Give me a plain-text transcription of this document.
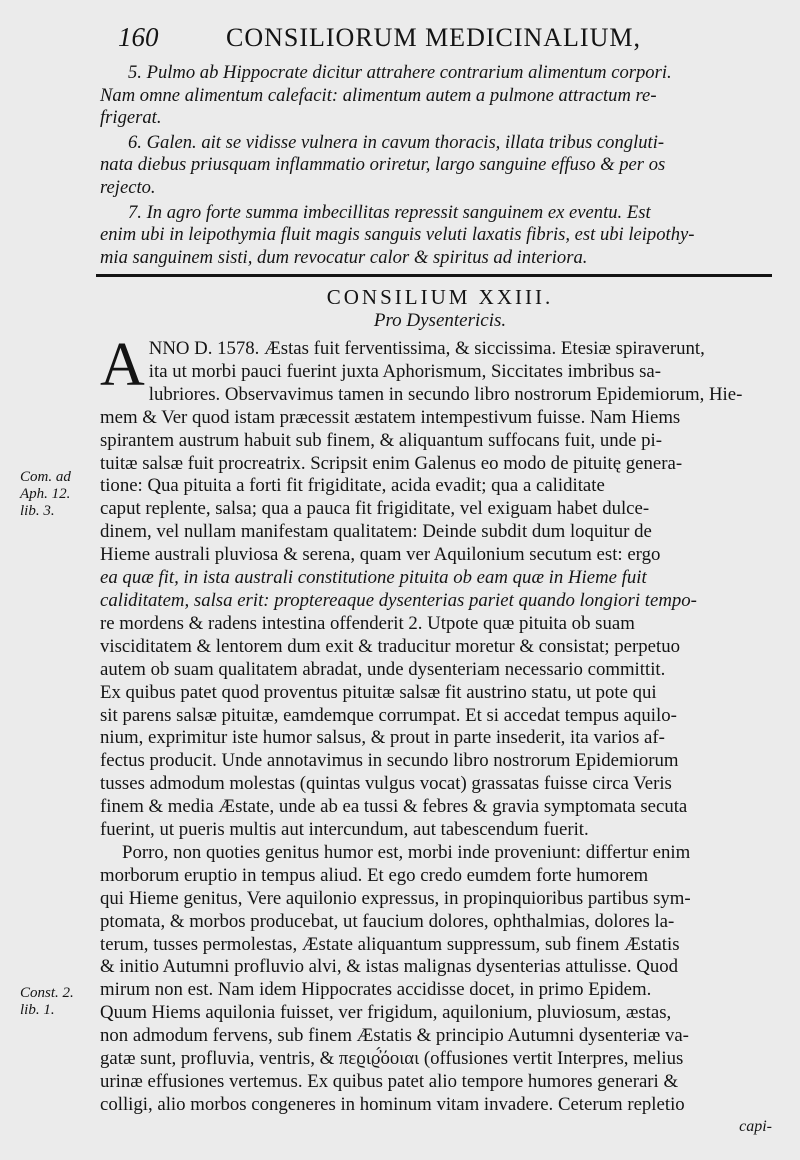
160	CONSILIORUM MEDICINALIUM,

5. Pulmo ab Hippocrate dicitur attrahere contrarium alimentum corpori.
Nam omne alimentum calefacit: alimentum autem a pulmone attractum re-
frigerat.

6. Galen. ait se vidisse vulnera in cavum thoracis, illata tribus congluti-
nata diebus priusquam inflammatio oriretur, largo sanguine effuso & per os
rejecto.

7. In agro forte summa imbecillitas repressit sanguinem ex eventu. Est
enim ubi in leipothymia fluit magis sanguis veluti laxatis fibris, est ubi leipothy-
mia sanguinem sisti, dum revocatur calor & spiritus ad interiora.

CONSILIUM XXIII.
Pro Dysentericis.
A NNO D. 1578. Æstas fuit ferventissima, & siccissima. Etesiæ spiraverunt,
ita ut morbi pauci fuerint juxta Aphorismum, Siccitates imbribus sa-
lubriores. Observavimus tamen in secundo libro nostrorum Epidemiorum, Hie-
mem & Ver quod istam præcessit æstatem intempestivum fuisse. Nam Hiems
spirantem austrum habuit sub finem, & aliquantum suffocans fuit, unde pi-
tuitæ salsæ fuit procreatrix. Scripsit enim Galenus eo modo de pituitę genera-
tione: Qua pituita a forti fit frigiditate, acida evadit; qua a caliditate
caput replente, salsa; qua a pauca fit frigiditate, vel exiguam habet dulce-
dinem, vel nullam manifestam qualitatem: Deinde subdit dum loquitur de
Hieme australi pluviosa & serena, quam ver Aquilonium secutum est: ergo
ea quæ fit, in ista australi constitutione pituita ob eam quæ in Hieme fuit
caliditatem, salsa erit: proptereaque dysenterias pariet quando longiori tempo-
re mordens & radens intestina offenderit 2. Utpote quæ pituita ob suam
visciditatem & lentorem dum exit & traducitur moretur & consistat; perpetuo
autem ob suam qualitatem abradat, unde dysenteriam necessario committit.
Ex quibus patet quod proventus pituitæ salsæ fit austrino statu, ut pote qui
sit parens salsæ pituitæ, eamdemque corrumpat. Et si accedat tempus aquilo-
nium, exprimitur iste humor salsus, & prout in parte insederit, ita varios af-
fectus producit. Unde annotavimus in secundo libro nostrorum Epidemiorum
tusses admodum molestas (quintas vulgus vocat) grassatas fuisse circa Veris
finem & media Æstate, unde ab ea tussi & febres & gravia symptomata secuta
fuerint, ut pueris multis aut intercundum, aut tabescendum fuerit.
Porro, non quoties genitus humor est, morbi inde proveniunt: differtur enim
morborum eruptio in tempus aliud. Et ego credo eumdem forte humorem
qui Hieme genitus, Vere aquilonio expressus, in propinquioribus partibus sym-
ptomata, & morbos producebat, ut faucium dolores, ophthalmias, dolores la-
terum, tusses permolestas, Æstate aliquantum suppressum, sub finem Æstatis
& initio Autumni profluvio alvi, & istas malignas dysenterias attulisse. Quod
mirum non est. Nam idem Hippocrates accidisse docet, in primo Epidem.
Quum Hiems aquilonia fuisset, ver frigidum, aquilonium, pluviosum, æstas,
non admodum fervens, sub finem Æstatis & principio Autumni dysenteriæ va-
gatæ sunt, profluvia, ventris, & πεϱιϱ̓́όοιαι (offusiones vertit Interpres, melius
urinæ effusiones vertemus. Ex quibus patet alio tempore humores generari &
colligi, alio morbos congeneres in hominum vitam invadere. Ceterum repletio
Com. ad
Aph. 12.
lib. 3.
Const. 2.
lib. 1.
capi-
